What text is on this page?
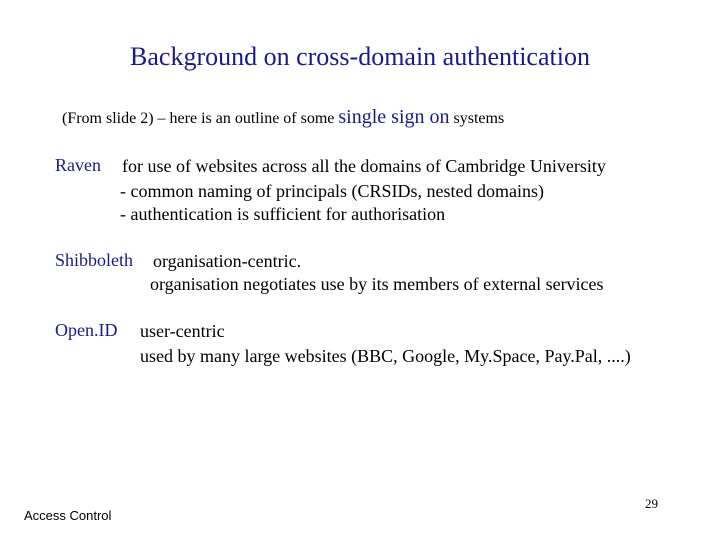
Background on cross-domain authentication
(From slide 2) – here is an outline of some single sign on systems
Raven for use of websites across all the domains of Cambridge University
- common naming of principals (CRSIDs, nested domains)
- authentication is sufficient for authorisation
Shibboleth organisation-centric.
organisation negotiates use by its members of external services
Open.ID user-centric
used by many large websites (BBC, Google, My.Space, Pay.Pal, ....)
Access Control
29
